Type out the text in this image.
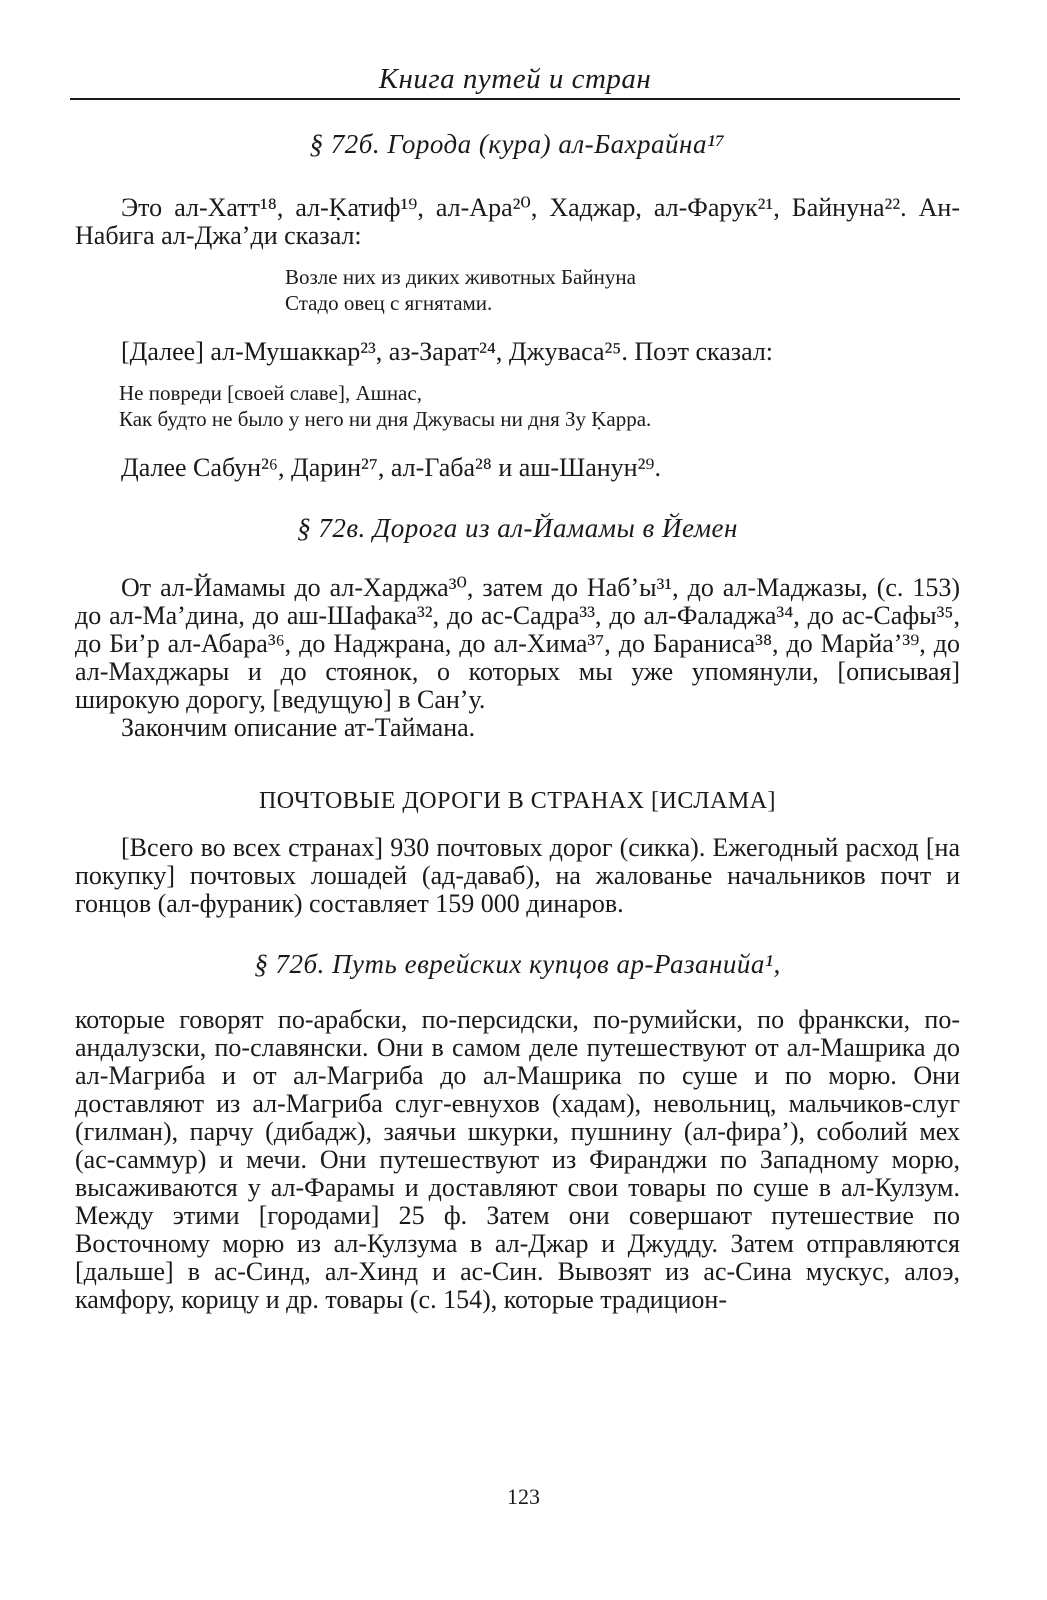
Книга путей и стран
§ 72б. Города (кура) ал-Бахрайна¹⁷

Это ал-Хатт¹⁸, ал-Ḳатиф¹⁹, ал-Ара²⁰, Хаджар, ал-Фарук²¹, Байнуна²². Ан-Набига ал-Джа’ди сказал:

Возле них из диких животных Байнуна
Стадо овец с ягнятами.

[Далее] ал-Мушаккар²³, аз-Зарат²⁴, Джуваса²⁵. Поэт сказал:

Не повреди [своей славе], Ашнас,
Как будто не было у него ни дня Джувасы ни дня Зу Ḳарра.

Далее Сабун²⁶, Дарин²⁷, ал-Габа²⁸ и аш-Шанун²⁹.

§ 72в. Дорога из ал-Йамамы в Йемен

От ал-Йамамы до ал-Харджа³⁰, затем до Наб’ы³¹, до ал-Маджазы, (с. 153) до ал-Ма’дина, до аш-Шафака³², до ас-Садра³³, до ал-Фаладжа³⁴, до ас-Сафы³⁵, до Би’р ал-Абара³⁶, до Наджрана, до ал-Хима³⁷, до Бараниса³⁸, до Марйа’³⁹, до ал-Махджары и до стоянок, о которых мы уже упомянули, [описывая] широкую дорогу, [ведущую] в Сан’у.

Закончим описание ат-Таймана.

ПОЧТОВЫЕ ДОРОГИ В СТРАНАХ [ИСЛАМА]

[Всего во всех странах] 930 почтовых дорог (сикка). Ежегодный расход [на покупку] почтовых лошадей (ад-даваб), на жалованье начальников почт и гонцов (ал-фураник) составляет 159 000 динаров.

§ 72б. Путь еврейских купцов ар-Разанийа¹,

которые говорят по-арабски, по-персидски, по-румийски, по франкски, по-андалузски, по-славянски. Они в самом деле путешествуют от ал-Машрика до ал-Магриба и от ал-Магриба до ал-Машрика по суше и по морю. Они доставляют из ал-Магриба слуг-евнухов (хадам), невольниц, мальчиков-слуг (гилман), парчу (дибадж), заячьи шкурки, пушнину (ал-фира’), соболий мех (ас-саммур) и мечи. Они путешествуют из Фиранджи по Западному морю, высаживаются у ал-Фарамы и доставляют свои товары по суше в ал-Кулзум. Между этими [городами] 25 ф. Затем они совершают путешествие по Восточному морю из ал-Кулзума в ал-Джар и Джудду. Затем отправляются [дальше] в ас-Синд, ал-Хинд и ас-Син. Вывозят из ас-Сина мускус, алоэ, камфору, корицу и др. товары (с. 154), которые традицион-

123
